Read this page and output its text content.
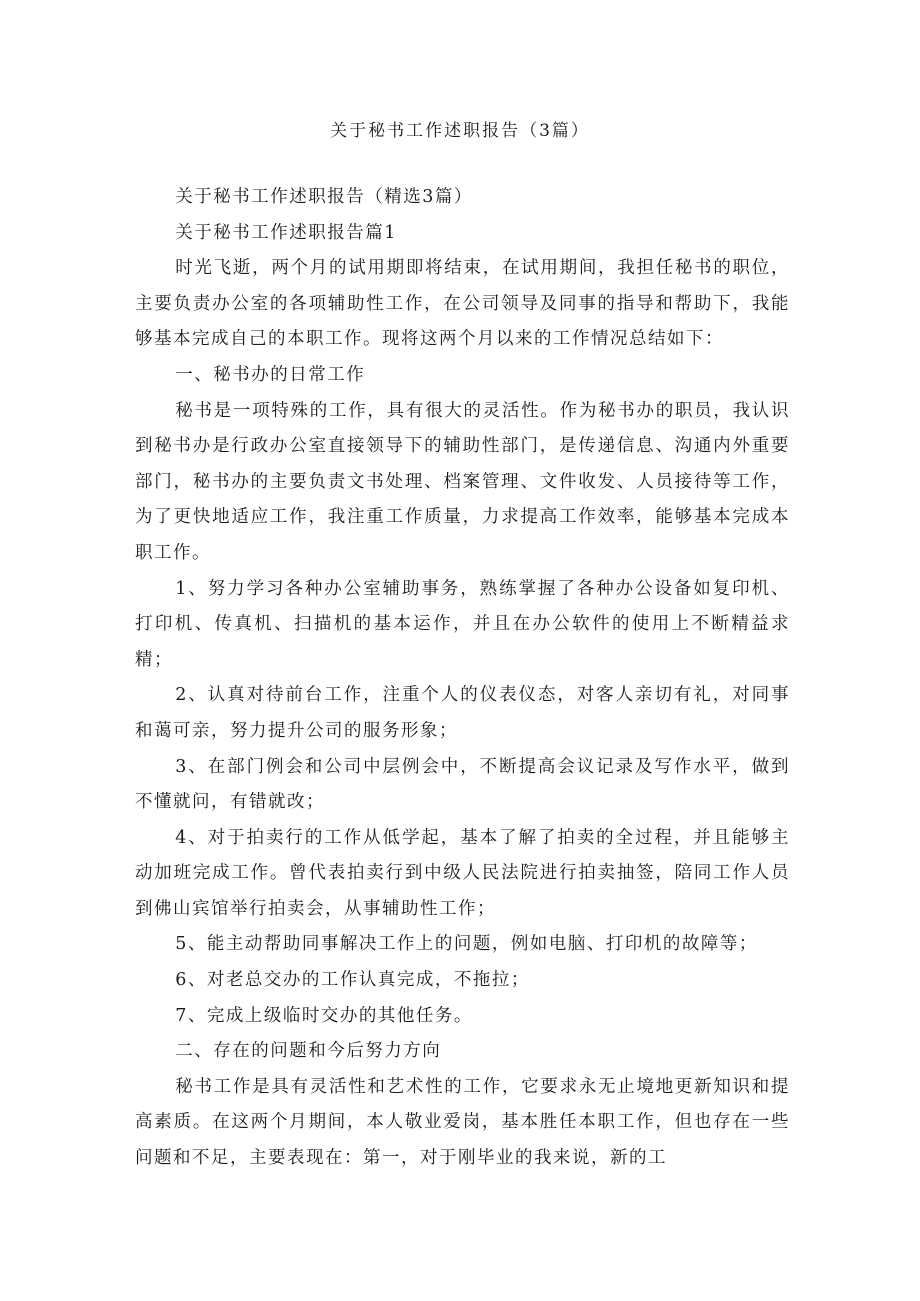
关于秘书工作述职报告（3篇）

关于秘书工作述职报告（精选3篇）

关于秘书工作述职报告篇1

时光飞逝，两个月的试用期即将结束，在试用期间，我担任秘书的职位，主要负责办公室的各项辅助性工作，在公司领导及同事的指导和帮助下，我能够基本完成自己的本职工作。现将这两个月以来的工作情况总结如下：

一、秘书办的日常工作

秘书是一项特殊的工作，具有很大的灵活性。作为秘书办的职员，我认识到秘书办是行政办公室直接领导下的辅助性部门，是传递信息、沟通内外重要部门，秘书办的主要负责文书处理、档案管理、文件收发、人员接待等工作，为了更快地适应工作，我注重工作质量，力求提高工作效率，能够基本完成本职工作。

1、努力学习各种办公室辅助事务，熟练掌握了各种办公设备如复印机、打印机、传真机、扫描机的基本运作，并且在办公软件的使用上不断精益求精；

2、认真对待前台工作，注重个人的仪表仪态，对客人亲切有礼，对同事和蔼可亲，努力提升公司的服务形象；

3、在部门例会和公司中层例会中，不断提高会议记录及写作水平，做到不懂就问，有错就改；

4、对于拍卖行的工作从低学起，基本了解了拍卖的全过程，并且能够主动加班完成工作。曾代表拍卖行到中级人民法院进行拍卖抽签，陪同工作人员到佛山宾馆举行拍卖会，从事辅助性工作；

5、能主动帮助同事解决工作上的问题，例如电脑、打印机的故障等；

6、对老总交办的工作认真完成，不拖拉；

7、完成上级临时交办的其他任务。

二、存在的问题和今后努力方向

秘书工作是具有灵活性和艺术性的工作，它要求永无止境地更新知识和提高素质。在这两个月期间，本人敬业爱岗，基本胜任本职工作，但也存在一些问题和不足，主要表现在：第一，对于刚毕业的我来说，新的工
